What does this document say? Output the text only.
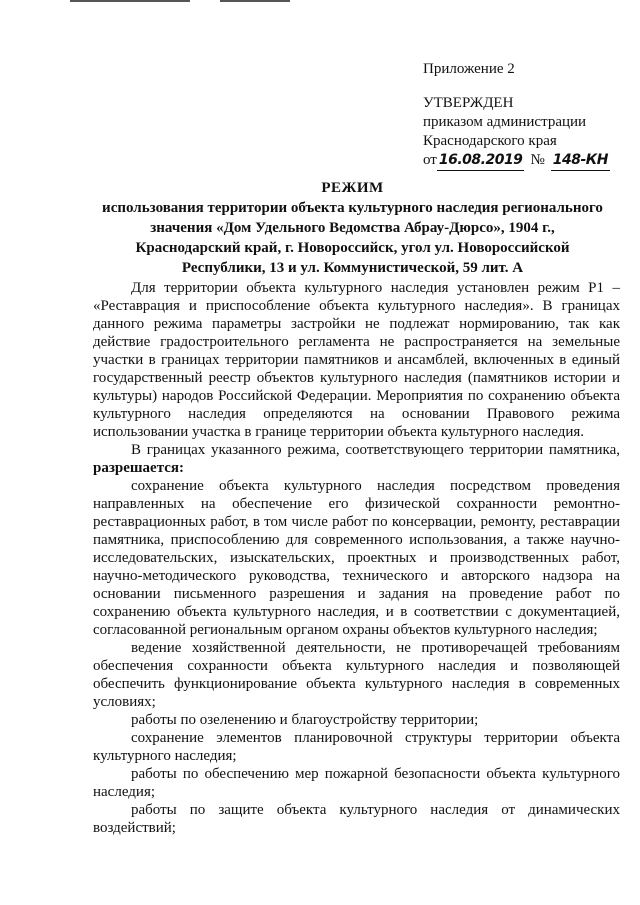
Приложение 2
УТВЕРЖДЕН
приказом администрации
Краснодарского края
от 16.08.2019 № 148-КН
РЕЖИМ
использования территории объекта культурного наследия регионального
значения «Дом Удельного Ведомства Абрау-Дюрсо», 1904 г.,
Краснодарский край, г. Новороссийск, угол ул. Новороссийской
Республики, 13 и ул. Коммунистической, 59 лит. А

Для территории объекта культурного наследия установлен режим Р1 – «Реставрация и приспособление объекта культурного наследия». В границах данного режима параметры застройки не подлежат нормированию, так как действие градостроительного регламента не распространяется на земельные участки в границах территории памятников и ансамблей, включенных в единый государственный реестр объектов культурного наследия (памятников истории и культуры) народов Российской Федерации. Мероприятия по сохранению объекта культурного наследия определяются на основании Правового режима использовании участка в границе территории объекта культурного наследия.

В границах указанного режима, соответствующего территории памятника, разрешается:

сохранение объекта культурного наследия посредством проведения направленных на обеспечение его физической сохранности ремонтно-реставрационных работ, в том числе работ по консервации, ремонту, реставрации памятника, приспособлению для современного использования, а также научно-исследовательских, изыскательских, проектных и производственных работ, научно-методического руководства, технического и авторского надзора на основании письменного разрешения и задания на проведение работ по сохранению объекта культурного наследия, и в соответствии с документацией, согласованной региональным органом охраны объектов культурного наследия;

ведение хозяйственной деятельности, не противоречащей требованиям обеспечения сохранности объекта культурного наследия и позволяющей обеспечить функционирование объекта культурного наследия в современных условиях;

работы по озеленению и благоустройству территории;

сохранение элементов планировочной структуры территории объекта культурного наследия;

работы по обеспечению мер пожарной безопасности объекта культурного наследия;

работы по защите объекта культурного наследия от динамических воздействий;
